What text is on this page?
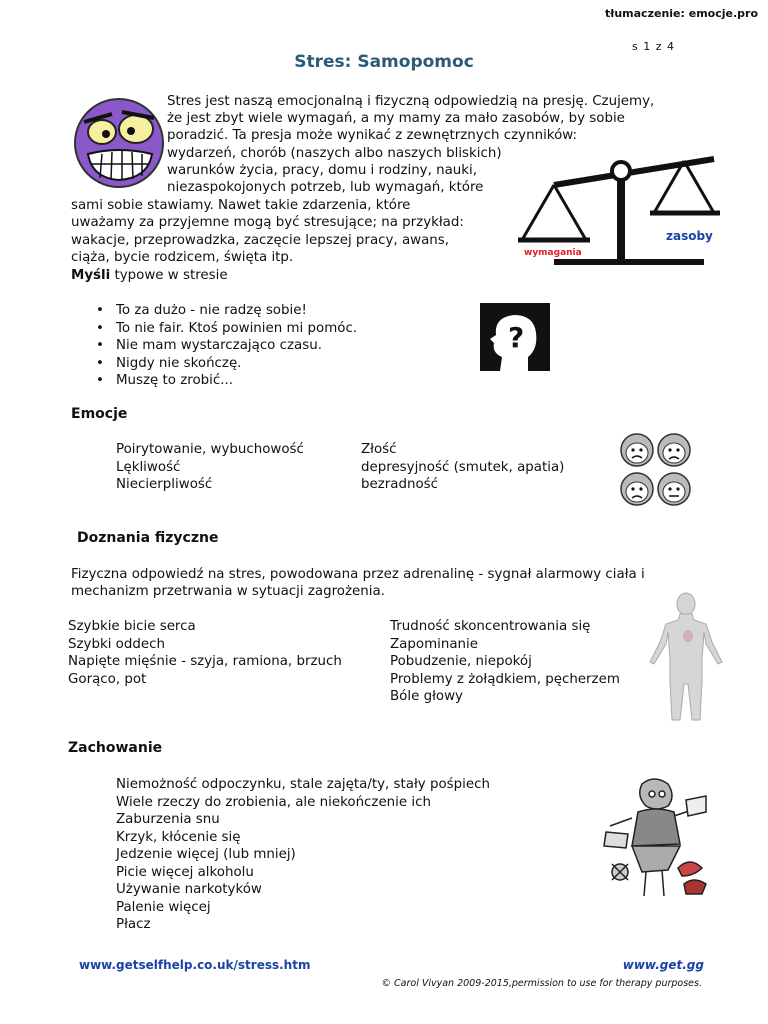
tłumaczenie: emocje.pro
s 1 z 4
Stres: Samopomoc
Stres jest naszą emocjonalną i fizyczną odpowiedzią na presję. Czujemy,
że jest zbyt wiele wymagań, a my mamy za mało zasobów, by sobie
poradzić. Ta presja może wynikać z zewnętrznych czynników:
wydarzeń, chorób (naszych albo naszych bliskich)
warunków życia, pracy, domu i rodziny, nauki,
niezaspokojonych potrzeb, lub wymagań, które
sami sobie stawiamy. Nawet takie zdarzenia, które
uważamy za przyjemne mogą być stresujące; na przykład:
wakacje, przeprowadzka, zaczęcie lepszej pracy, awans,
ciąża, bycie rodzicem, święta itp.	wymagania
zasoby
Myśli typowe w stresie
• To za dużo - nie radzę sobie!
• To nie fair. Ktoś powinien mi pomóc.
• Nie mam wystarczająco czasu.
• Nigdy nie skończę.
• Muszę to zrobić...
?
Emocje
Poirytowanie, wybuchowość
Lękliwość
Niecierpliwość
Złość
depresyjność (smutek, apatia)
bezradność
Doznania fizyczne
Fizyczna odpowiedź na stres, powodowana przez adrenalinę - sygnał alarmowy ciała i
mechanizm przetrwania w sytuacji zagrożenia.
Szybkie bicie serca
Szybki oddech
Napięte mięśnie - szyja, ramiona, brzuch
Gorąco, pot
Trudność skoncentrowania się
Zapominanie
Pobudzenie, niepokój
Problemy z żołądkiem, pęcherzem
Bóle głowy
Zachowanie
Niemożność odpoczynku, stale zajęta/ty, stały pośpiech
Wiele rzeczy do zrobienia, ale niekończenie ich
Zaburzenia snu
Krzyk, kłócenie się
Jedzenie więcej (lub mniej)
Picie więcej alkoholu
Używanie narkotyków
Palenie więcej
Płacz
www.getselfhelp.co.uk/stress.htm	www.get.gg
© Carol Vivyan 2009-2015,permission to use for therapy purposes.
